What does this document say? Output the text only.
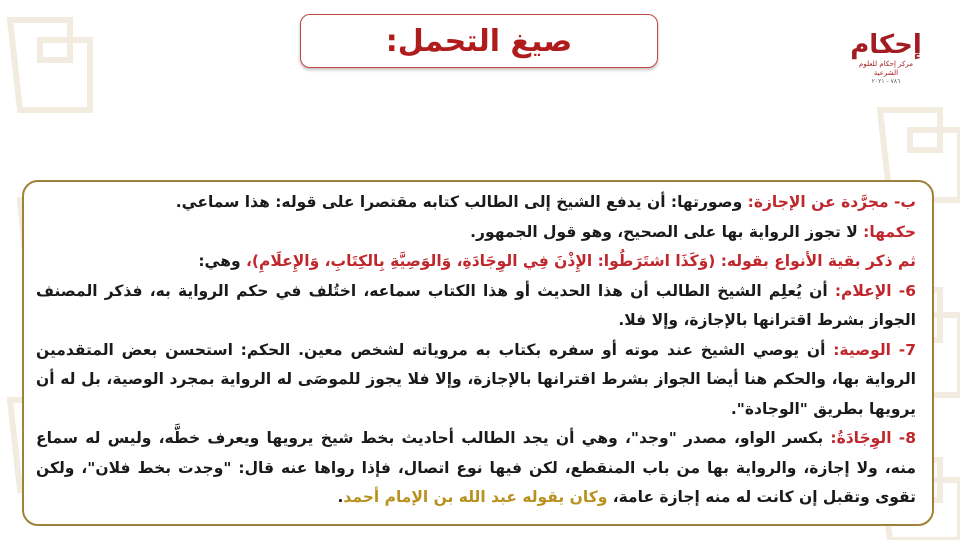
صيغ التحمل:	إحكام
مركز إحكام للعلوم الشرعية
٧٨٦ - ٢٠٢١

ب- مجرَّدة عن الإجازة: وصورتها: أن يدفع الشيخ إلى الطالب كتابه مقتصرا على قوله: هذا سماعي.

حكمها: لا تجوز الرواية بها على الصحيح، وهو قول الجمهور.

ثم ذكر بقية الأنواع بقوله: (وَكَذَا اشتَرَطُوا: الإِذْنَ فِي الوِجَادَةِ، وَالوَصِيَّةِ بِالكِتَابِ، وَالإِعلَامِ)، وهي:

6- الإعلام: أن يُعلِم الشيخ الطالب أن هذا الحديث أو هذا الكتاب سماعه، اختُلف في حكم الرواية به، فذكر المصنف الجواز بشرط اقترانها بالإجازة، وإلا فلا.

7- الوصية: أن يوصي الشيخ عند موته أو سفره بكتاب به مروياته لشخص معين. الحكم: استحسن بعض المتقدمين الرواية بها، والحكم هنا أيضا الجواز بشرط اقترانها بالإجازة، وإلا فلا يجوز للموصَى له الرواية بمجرد الوصية، بل له أن يرويها بطريق "الوجادة".

8- الوِجَادَةُ: بكسر الواو، مصدر "وجد"، وهي أن يجد الطالب أحاديث بخط شيخ يرويها ويعرف خطَّه، وليس له سماع منه، ولا إجازة، والرواية بها من باب المنقطع، لكن فيها نوع اتصال، فإذا رواها عنه قال: "وجدت بخط فلان"، ولكن تقوى وتقبل إن كانت له منه إجازة عامة، وكان يقوله عبد الله بن الإمام أحمد.
